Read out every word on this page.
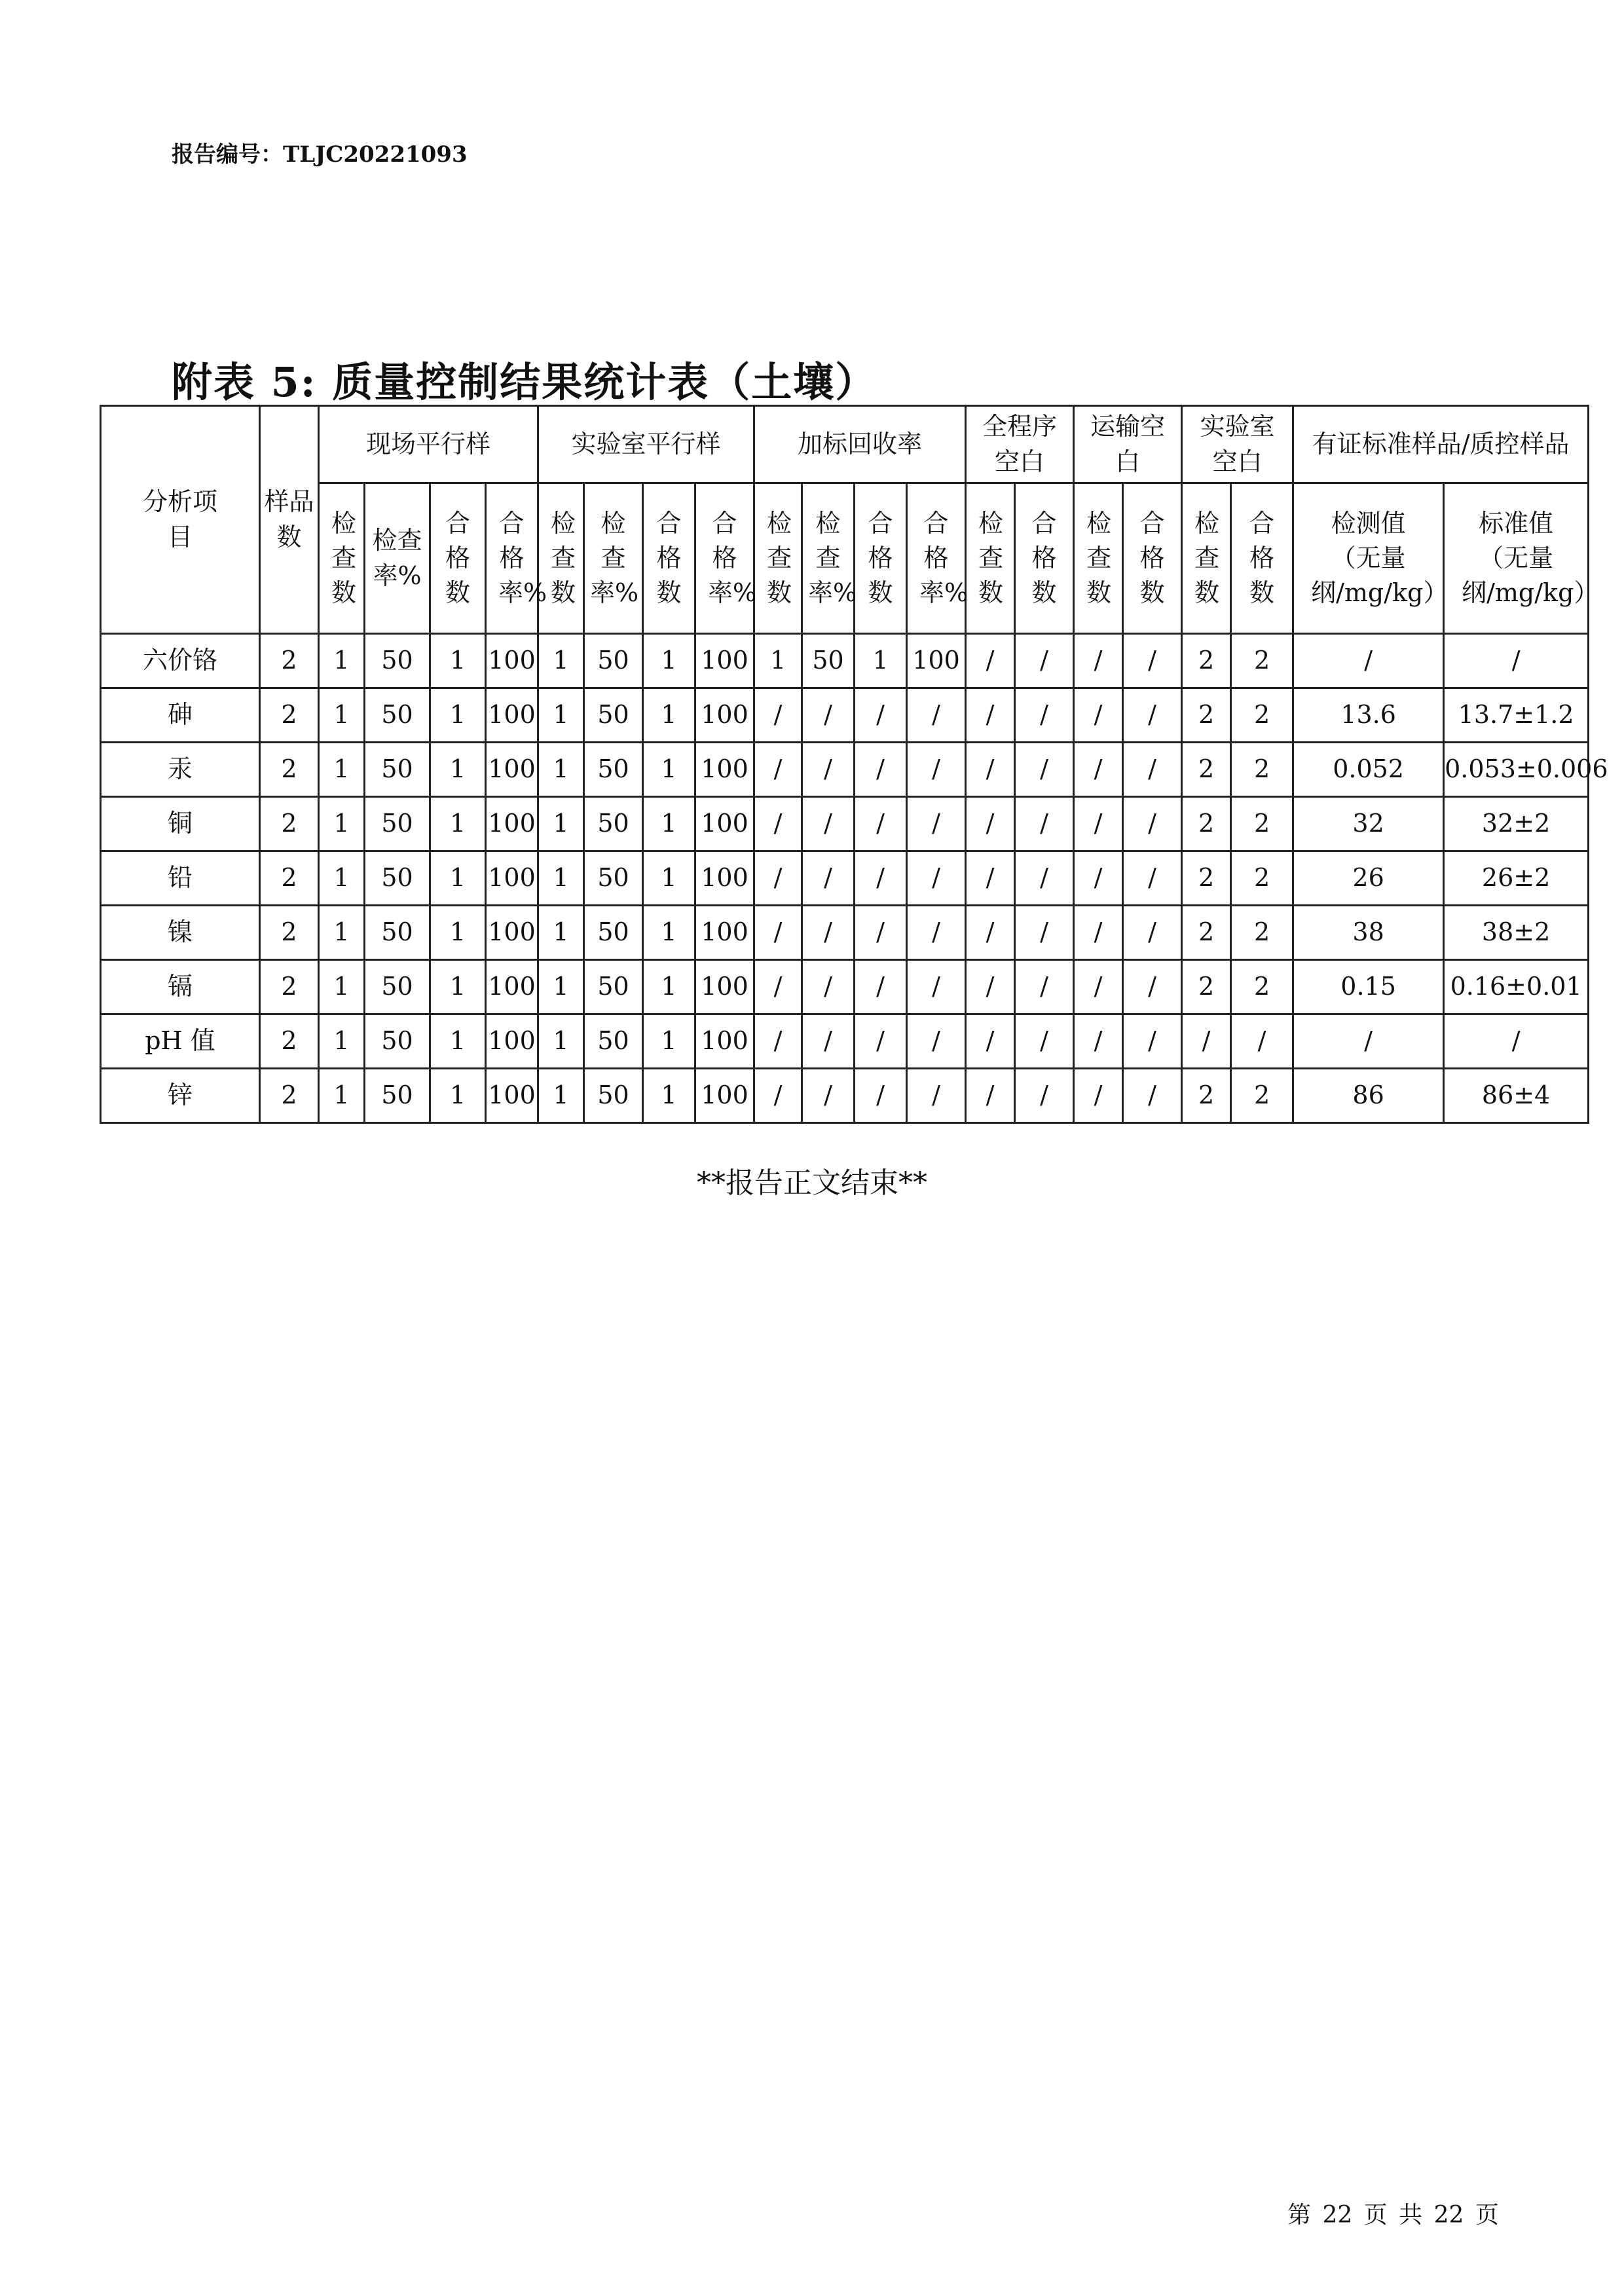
报告编号：TLJC20221093
附表 5: 质量控制结果统计表（土壤）
分析项目	样品数	现场平行样				实验室平行样				加标回收率				全程序空白		运输空白		实验室空白		有证标准样品/质控样品	
		检查数	检查率%	合格数	合格率%	检查数	检查率%	合格数	合格率%	检查数	检查率%	合格数	合格率%	检查数	合格数	检查数	合格数	检查数	合格数	检测值（无量纲/mg/kg）	标准值（无量纲/mg/kg）
六价铬	2	1	50	1	100	1	50	1	100	1	50	1	100	/	/	/	/	2	2	/	/
砷	2	1	50	1	100	1	50	1	100	/	/	/	/	/	/	/	/	2	2	13.6	13.7±1.2
汞	2	1	50	1	100	1	50	1	100	/	/	/	/	/	/	/	/	2	2	0.052	0.053±0.006
铜	2	1	50	1	100	1	50	1	100	/	/	/	/	/	/	/	/	2	2	32	32±2
铅	2	1	50	1	100	1	50	1	100	/	/	/	/	/	/	/	/	2	2	26	26±2
镍	2	1	50	1	100	1	50	1	100	/	/	/	/	/	/	/	/	2	2	38	38±2
镉	2	1	50	1	100	1	50	1	100	/	/	/	/	/	/	/	/	2	2	0.15	0.16±0.01
pH 值	2	1	50	1	100	1	50	1	100	/	/	/	/	/	/	/	/	/	/	/	/
锌	2	1	50	1	100	1	50	1	100	/	/	/	/	/	/	/	/	2	2	86	86±4
**报告正文结束**
第 22 页 共 22 页
